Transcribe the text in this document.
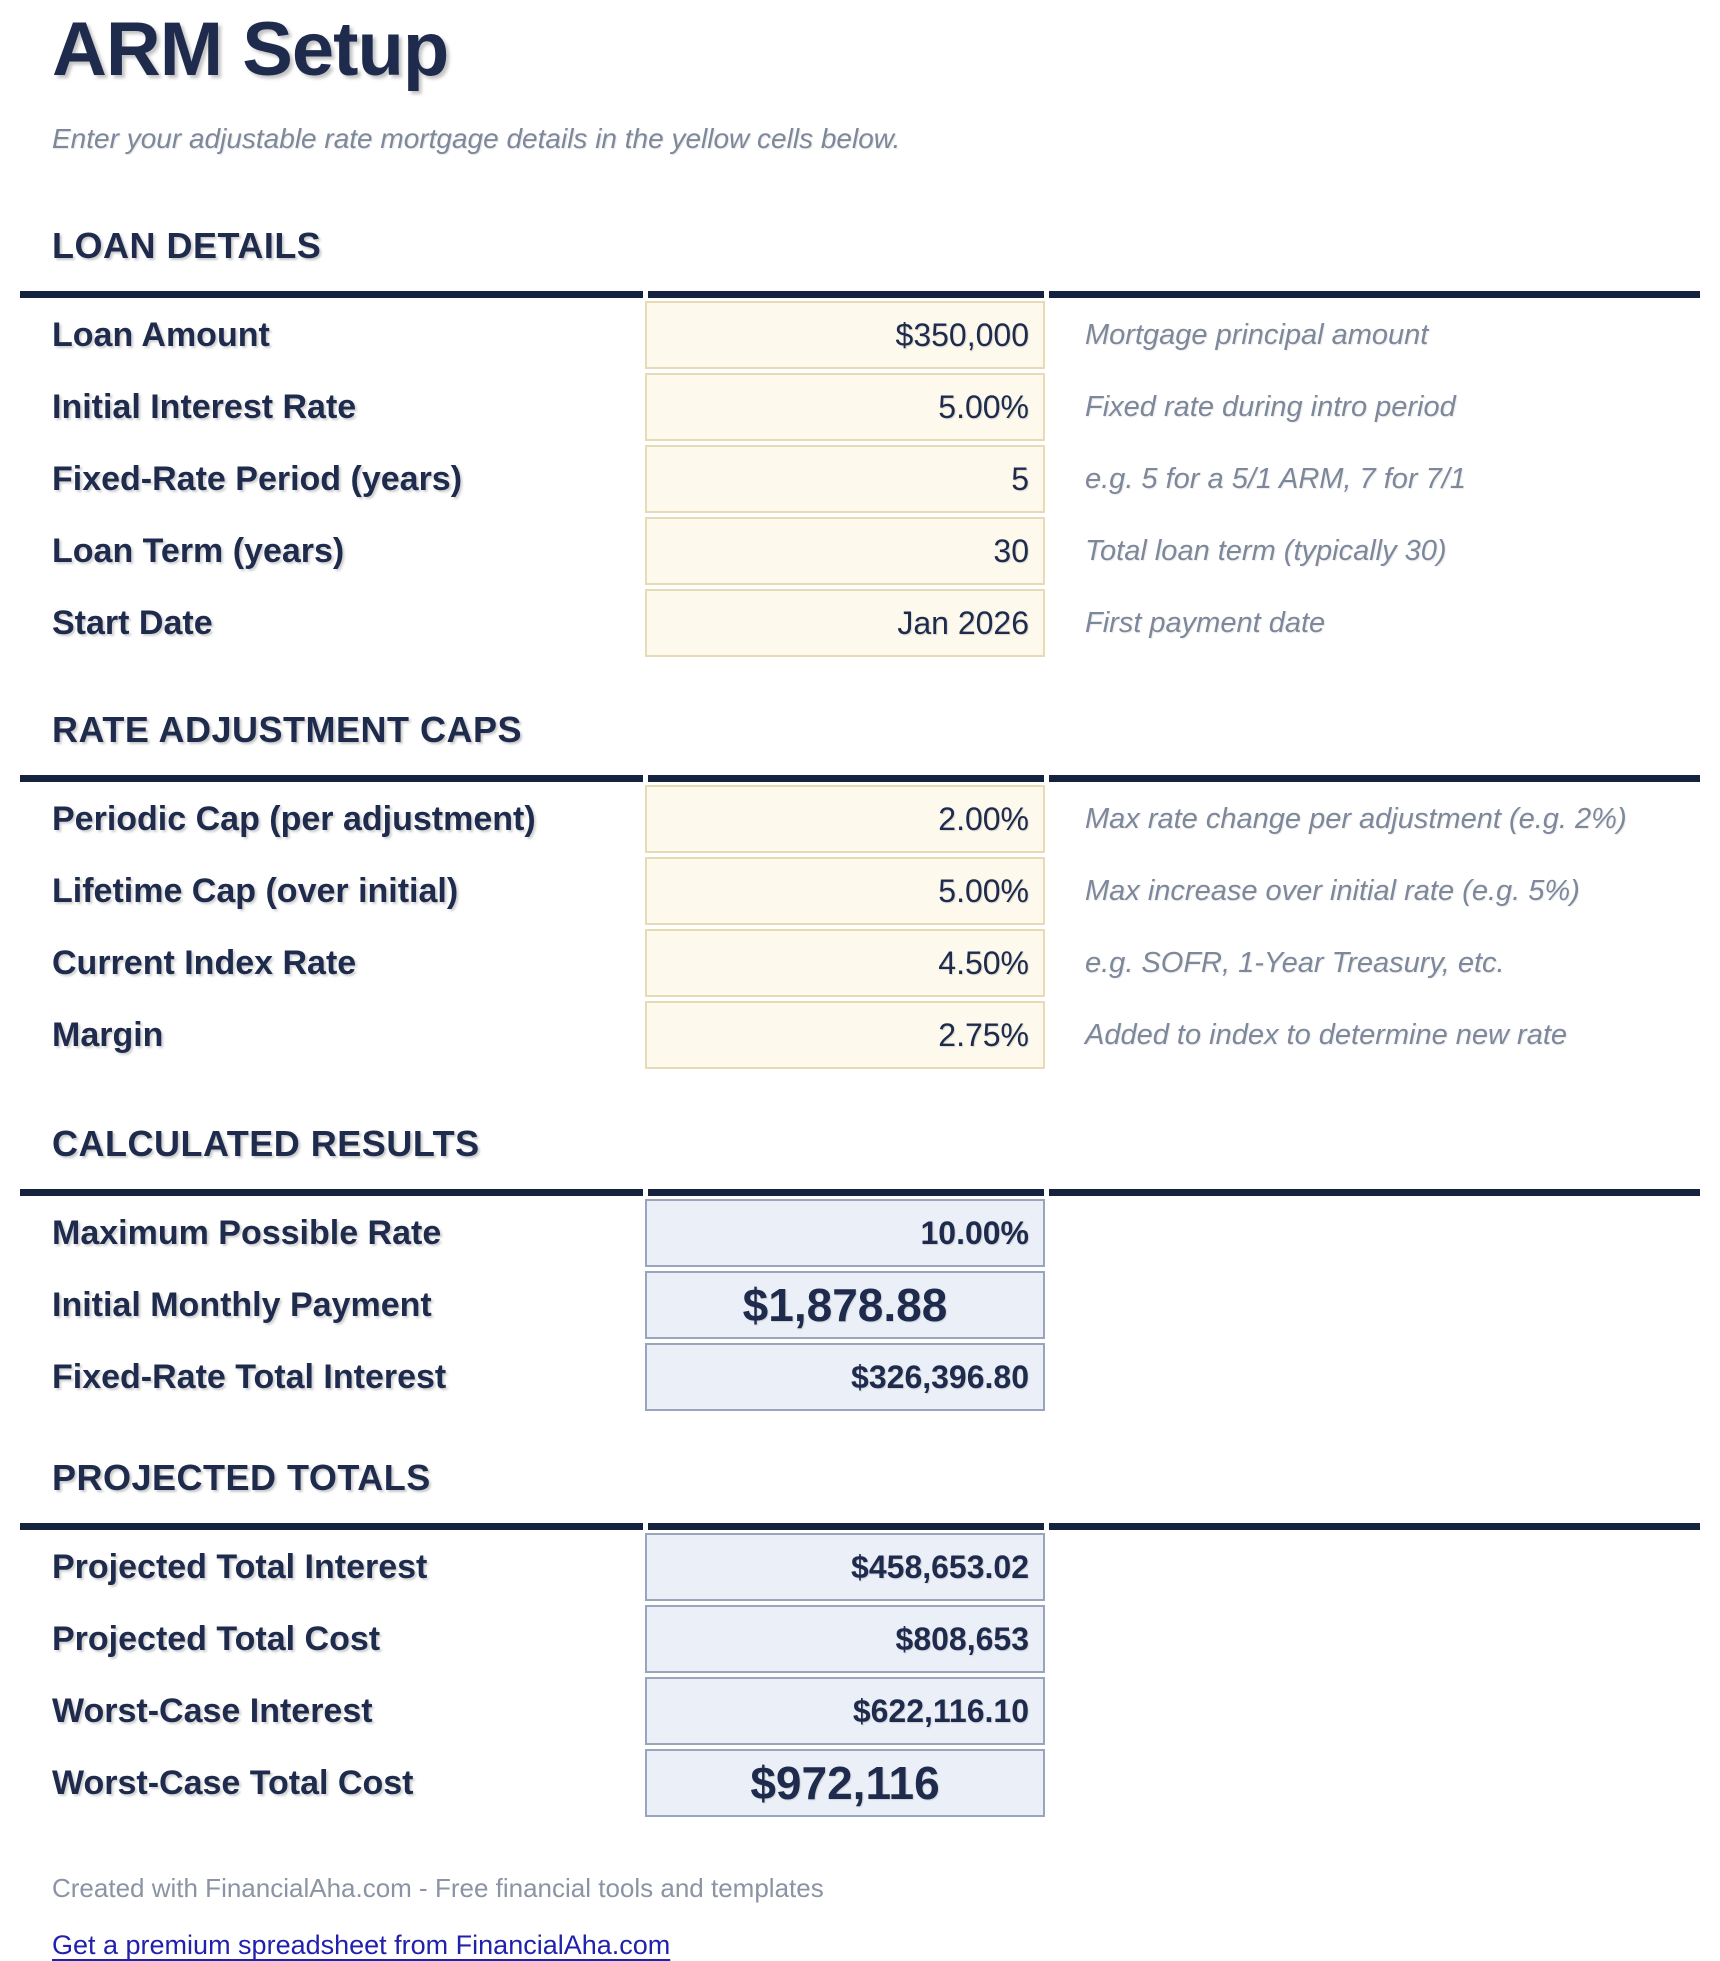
ARM Setup

Enter your adjustable rate mortgage details in the yellow cells below.

LOAN DETAILS
Loan Amount	$350,000	Mortgage principal amount
Initial Interest Rate	5.00%	Fixed rate during intro period
Fixed-Rate Period (years)	5	e.g. 5 for a 5/1 ARM, 7 for 7/1
Loan Term (years)	30	Total loan term (typically 30)
Start Date	Jan 2026	First payment date
RATE ADJUSTMENT CAPS
Periodic Cap (per adjustment)	2.00%	Max rate change per adjustment (e.g. 2%)
Lifetime Cap (over initial)	5.00%	Max increase over initial rate (e.g. 5%)
Current Index Rate	4.50%	e.g. SOFR, 1-Year Treasury, etc.
Margin	2.75%	Added to index to determine new rate
CALCULATED RESULTS
Maximum Possible Rate	10.00%
Initial Monthly Payment	$1,878.88
Fixed-Rate Total Interest	$326,396.80
PROJECTED TOTALS
Projected Total Interest	$458,653.02
Projected Total Cost	$808,653
Worst-Case Interest	$622,116.10
Worst-Case Total Cost	$972,116

Created with FinancialAha.com - Free financial tools and templates

Get a premium spreadsheet from FinancialAha.com
